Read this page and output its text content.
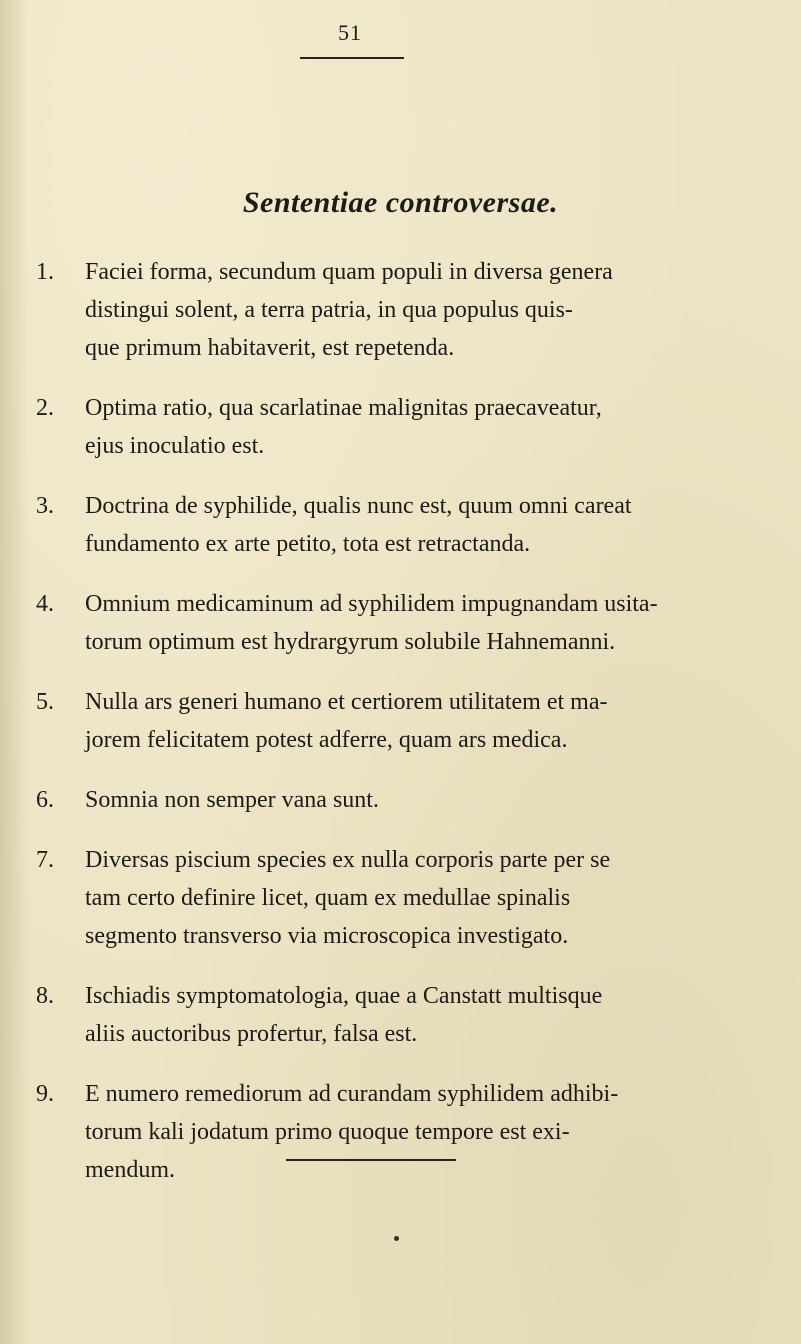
51
Sententiae controversae.
1. Faciei forma, secundum quam populi in diversa genera
distingui solent, a terra patria, in qua populus quis-
que primum habitaverit, est repetenda.
2. Optima ratio, qua scarlatinae malignitas praecaveatur,
ejus inoculatio est.
3. Doctrina de syphilide, qualis nunc est, quum omni careat
fundamento ex arte petito, tota est retractanda.
4. Omnium medicaminum ad syphilidem impugnandam usita-
torum optimum est hydrargyrum solubile Hahnemanni.
5. Nulla ars generi humano et certiorem utilitatem et ma-
jorem felicitatem potest adferre, quam ars medica.
6. Somnia non semper vana sunt.
7. Diversas piscium species ex nulla corporis parte per se
tam certo definire licet, quam ex medullae spinalis
segmento transverso via microscopica investigato.
8. Ischiadis symptomatologia, quae a Canstatt multisque
aliis auctoribus profertur, falsa est.
9. E numero remediorum ad curandam syphilidem adhibi-
torum kali jodatum primo quoque tempore est exi-
mendum.
